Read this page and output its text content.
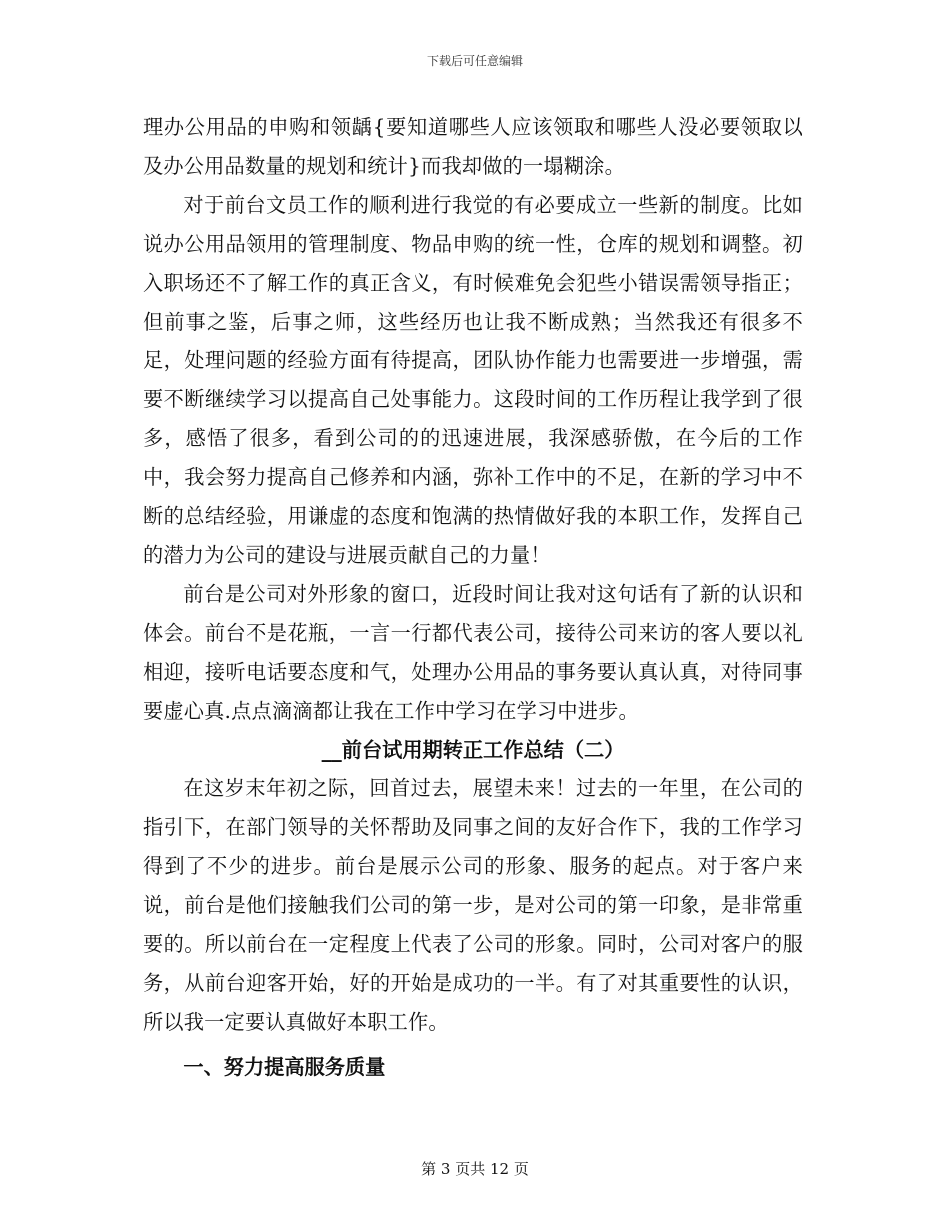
下载后可任意编辑

理办公用品的申购和领龋{要知道哪些人应该领取和哪些人没必要领取以及办公用品数量的规划和统计}而我却做的一塌糊涂。

对于前台文员工作的顺利进行我觉的有必要成立一些新的制度。比如说办公用品领用的管理制度、物品申购的统一性，仓库的规划和调整。初入职场还不了解工作的真正含义，有时候难免会犯些小错误需领导指正；但前事之鉴，后事之师，这些经历也让我不断成熟；当然我还有很多不足，处理问题的经验方面有待提高，团队协作能力也需要进一步增强，需要不断继续学习以提高自己处事能力。这段时间的工作历程让我学到了很多，感悟了很多，看到公司的的迅速进展，我深感骄傲，在今后的工作中，我会努力提高自己修养和内涵，弥补工作中的不足，在新的学习中不断的总结经验，用谦虚的态度和饱满的热情做好我的本职工作，发挥自己的潜力为公司的建设与进展贡献自己的力量！

前台是公司对外形象的窗口，近段时间让我对这句话有了新的认识和体会。前台不是花瓶，一言一行都代表公司，接待公司来访的客人要以礼相迎，接听电话要态度和气，处理办公用品的事务要认真认真，对待同事要虚心真.点点滴滴都让我在工作中学习在学习中进步。

__前台试用期转正工作总结（二）

在这岁末年初之际，回首过去，展望未来！过去的一年里，在公司的指引下，在部门领导的关怀帮助及同事之间的友好合作下，我的工作学习得到了不少的进步。前台是展示公司的形象、服务的起点。对于客户来说，前台是他们接触我们公司的第一步，是对公司的第一印象，是非常重要的。所以前台在一定程度上代表了公司的形象。同时，公司对客户的服务，从前台迎客开始，好的开始是成功的一半。有了对其重要性的认识，所以我一定要认真做好本职工作。

一、努力提高服务质量

第 3 页共 12 页
